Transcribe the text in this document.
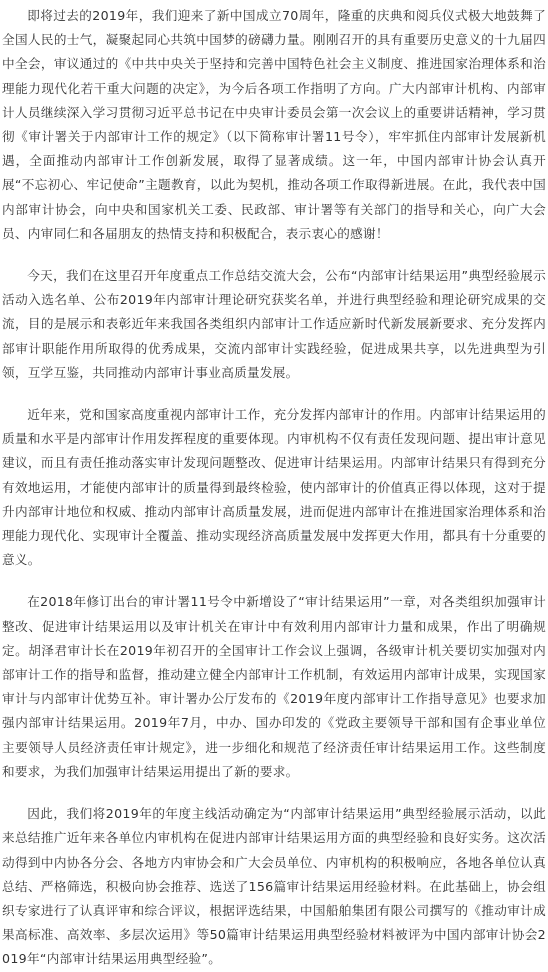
即将过去的2019年，我们迎来了新中国成立70周年，隆重的庆典和阅兵仪式极大地鼓舞了全国人民的士气，凝聚起同心共筑中国梦的磅礴力量。刚刚召开的具有重要历史意义的十九届四中全会，审议通过的《中共中央关于坚持和完善中国特色社会主义制度、推进国家治理体系和治理能力现代化若干重大问题的决定》，为今后各项工作指明了方向。广大内部审计机构、内部审计人员继续深入学习贯彻习近平总书记在中央审计委员会第一次会议上的重要讲话精神，学习贯彻《审计署关于内部审计工作的规定》（以下简称审计署11号令），牢牢抓住内部审计发展新机遇，全面推动内部审计工作创新发展，取得了显著成绩。这一年，中国内部审计协会认真开展“不忘初心、牢记使命”主题教育，以此为契机，推动各项工作取得新进展。在此，我代表中国内部审计协会，向中央和国家机关工委、民政部、审计署等有关部门的指导和关心，向广大会员、内审同仁和各届朋友的热情支持和积极配合，表示衷心的感谢！

今天，我们在这里召开年度重点工作总结交流大会，公布“内部审计结果运用”典型经验展示活动入选名单、公布2019年内部审计理论研究获奖名单，并进行典型经验和理论研究成果的交流，目的是展示和表彰近年来我国各类组织内部审计工作适应新时代新发展新要求、充分发挥内部审计职能作用所取得的优秀成果，交流内部审计实践经验，促进成果共享，以先进典型为引领，互学互鉴，共同推动内部审计事业高质量发展。

近年来，党和国家高度重视内部审计工作，充分发挥内部审计的作用。内部审计结果运用的质量和水平是内部审计作用发挥程度的重要体现。内审机构不仅有责任发现问题、提出审计意见建议，而且有责任推动落实审计发现问题整改、促进审计结果运用。内部审计结果只有得到充分有效地运用，才能使内部审计的质量得到最终检验，使内部审计的价值真正得以体现，这对于提升内部审计地位和权威、推动内部审计高质量发展，进而促进内部审计在推进国家治理体系和治理能力现代化、实现审计全覆盖、推动实现经济高质量发展中发挥更大作用，都具有十分重要的意义。

在2018年修订出台的审计署11号令中新增设了“审计结果运用”一章，对各类组织加强审计整改、促进审计结果运用以及审计机关在审计中有效利用内部审计力量和成果，作出了明确规定。胡泽君审计长在2019年初召开的全国审计工作会议上强调，各级审计机关要切实加强对内部审计工作的指导和监督，推动建立健全内部审计工作机制，有效运用内部审计成果，实现国家审计与内部审计优势互补。审计署办公厅发布的《2019年度内部审计工作指导意见》也要求加强内部审计结果运用。2019年7月，中办、国办印发的《党政主要领导干部和国有企事业单位主要领导人员经济责任审计规定》，进一步细化和规范了经济责任审计结果运用工作。这些制度和要求，为我们加强审计结果运用提出了新的要求。

因此，我们将2019年的年度主线活动确定为“内部审计结果运用”典型经验展示活动，以此来总结推广近年来各单位内审机构在促进内部审计结果运用方面的典型经验和良好实务。这次活动得到中内协各分会、各地方内审协会和广大会员单位、内审机构的积极响应，各地各单位认真总结、严格筛选，积极向协会推荐、选送了156篇审计结果运用经验材料。在此基础上，协会组织专家进行了认真评审和综合评议，根据评选结果，中国船舶集团有限公司撰写的《推动审计成果高标准、高效率、多层次运用》等50篇审计结果运用典型经验材料被评为中国内部审计协会2019年“内部审计结果运用典型经验”。
